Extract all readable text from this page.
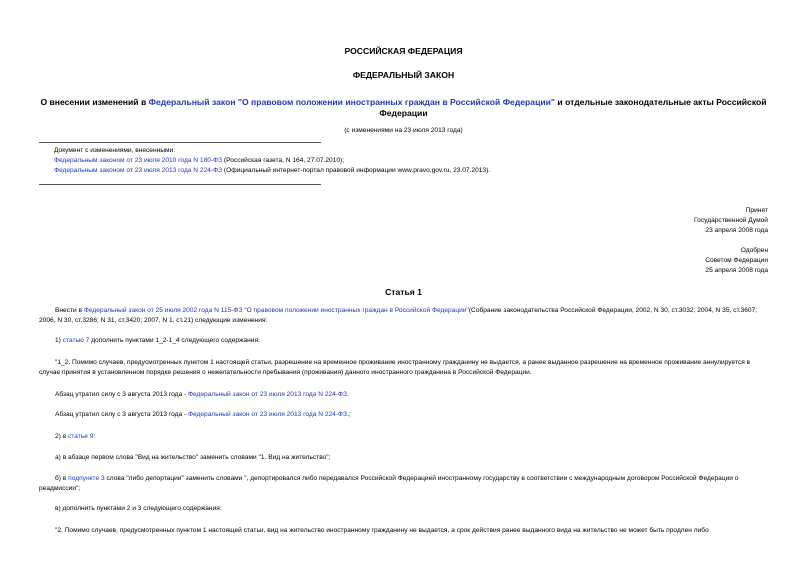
РОССИЙСКАЯ ФЕДЕРАЦИЯ
ФЕДЕРАЛЬНЫЙ ЗАКОН
О внесении изменений в Федеральный закон "О правовом положении иностранных граждан в Российской Федерации" и отдельные законодательные акты Российской Федерации
(с изменениями на 23 июля 2013 года)
Документ с изменениями, внесенными:
Федеральным законом от 23 июля 2010 года N 180-ФЗ (Российская газета, N 164, 27.07.2010);
Федеральным законом от 23 июля 2013 года N 224-ФЗ (Официальный интернет-портал правовой информации www.pravo.gov.ru, 23.07.2013).
Принят
Государственной Думой
23 апреля 2008 года
Одобрен
Советом Федерации
25 апреля 2008 года
Статья 1
Внести в Федеральный закон от 25 июля 2002 года N 115-ФЗ "О правовом положении иностранных граждан в Российской Федерации"(Собрание законодательства Российской Федерации, 2002, N 30, ст.3032; 2004, N 35, ст.3607; 2006, N 30, ст.3286; N 31, ст.3420; 2007, N 1, ст.21) следующие изменения:
1) статью 7 дополнить пунктами 1_2-1_4 следующего содержания:
"1_2. Помимо случаев, предусмотренных пунктом 1 настоящей статьи, разрешение на временное проживание иностранному гражданину не выдается, а ранее выданное разрешение на временное проживание аннулируется в случае принятия в установленном порядке решения о нежелательности пребывания (проживания) данного иностранного гражданина в Российской Федерации.
Абзац утратил силу с 3 августа 2013 года - Федеральный закон от 23 июля 2013 года N 224-ФЗ.
Абзац утратил силу с 3 августа 2013 года - Федеральный закон от 23 июля 2013 года N 224-ФЗ.;
2) в статье 9:
а) в абзаце первом слова "Вид на жительство" заменить словами "1. Вид на жительство";
б) в подпункте 3 слова "либо депортации" заменить словами ", депортировался либо передавался Российской Федерацией иностранному государству в соответствии с международным договором Российской Федерации о реадмиссии";
в) дополнить пунктами 2 и 3 следующего содержания:
"2. Помимо случаев, предусмотренных пунктом 1 настоящей статьи, вид на жительство иностранному гражданину не выдается, а срок действия ранее выданного вида на жительство не может быть продлен либо
